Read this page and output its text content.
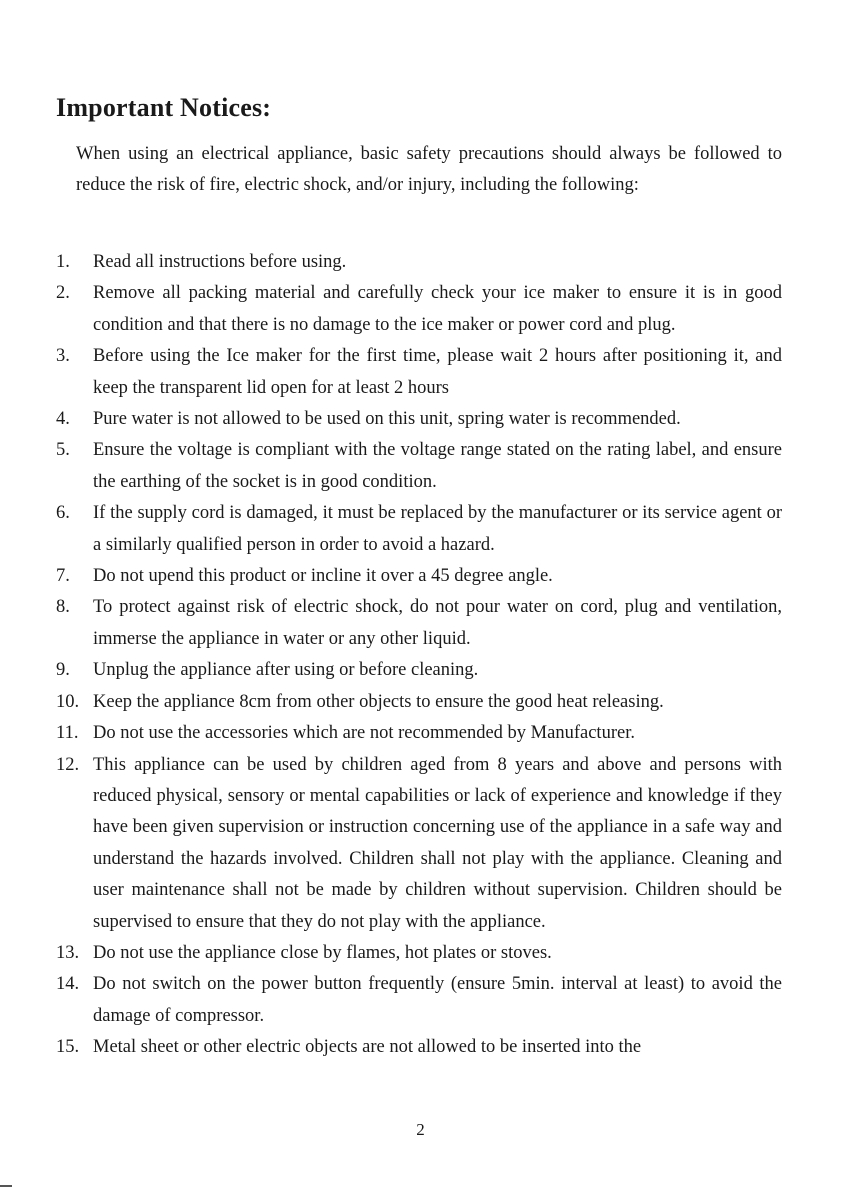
Important Notices:

When using an electrical appliance, basic safety precautions should always be followed to reduce the risk of fire, electric shock, and/or injury, including the following:

1.	Read all instructions before using.
2.	Remove all packing material and carefully check your ice maker to ensure it is in good condition and that there is no damage to the ice maker or power cord and plug.
3.	Before using the Ice maker for the first time, please wait 2 hours after positioning it, and keep the transparent lid open for at least 2 hours
4.	Pure water is not allowed to be used on this unit, spring water is recommended.
5.	Ensure the voltage is compliant with the voltage range stated on the rating label, and ensure the earthing of the socket is in good condition.
6.	If the supply cord is damaged, it must be replaced by the manufacturer or its service agent or a similarly qualified person in order to avoid a hazard.
7.	Do not upend this product or incline it over a 45 degree angle.
8.	To protect against risk of electric shock, do not pour water on cord, plug and ventilation, immerse the appliance in water or any other liquid.
9.	Unplug the appliance after using or before cleaning.
10. Keep the appliance 8cm from other objects to ensure the good heat releasing.
11. Do not use the accessories which are not recommended by Manufacturer.
12. This appliance can be used by children aged from 8 years and above and persons with reduced physical, sensory or mental capabilities or lack of experience and knowledge if they have been given supervision or instruction concerning use of the appliance in a safe way and understand the hazards involved. Children shall not play with the appliance. Cleaning and user maintenance shall not be made by children without supervision. Children should be supervised to ensure that they do not play with the appliance.
13. Do not use the appliance close by flames, hot plates or stoves.
14. Do not switch on the power button frequently (ensure 5min. interval at least) to avoid the damage of compressor.
15. Metal sheet or other electric objects are not allowed to be inserted into the
2
